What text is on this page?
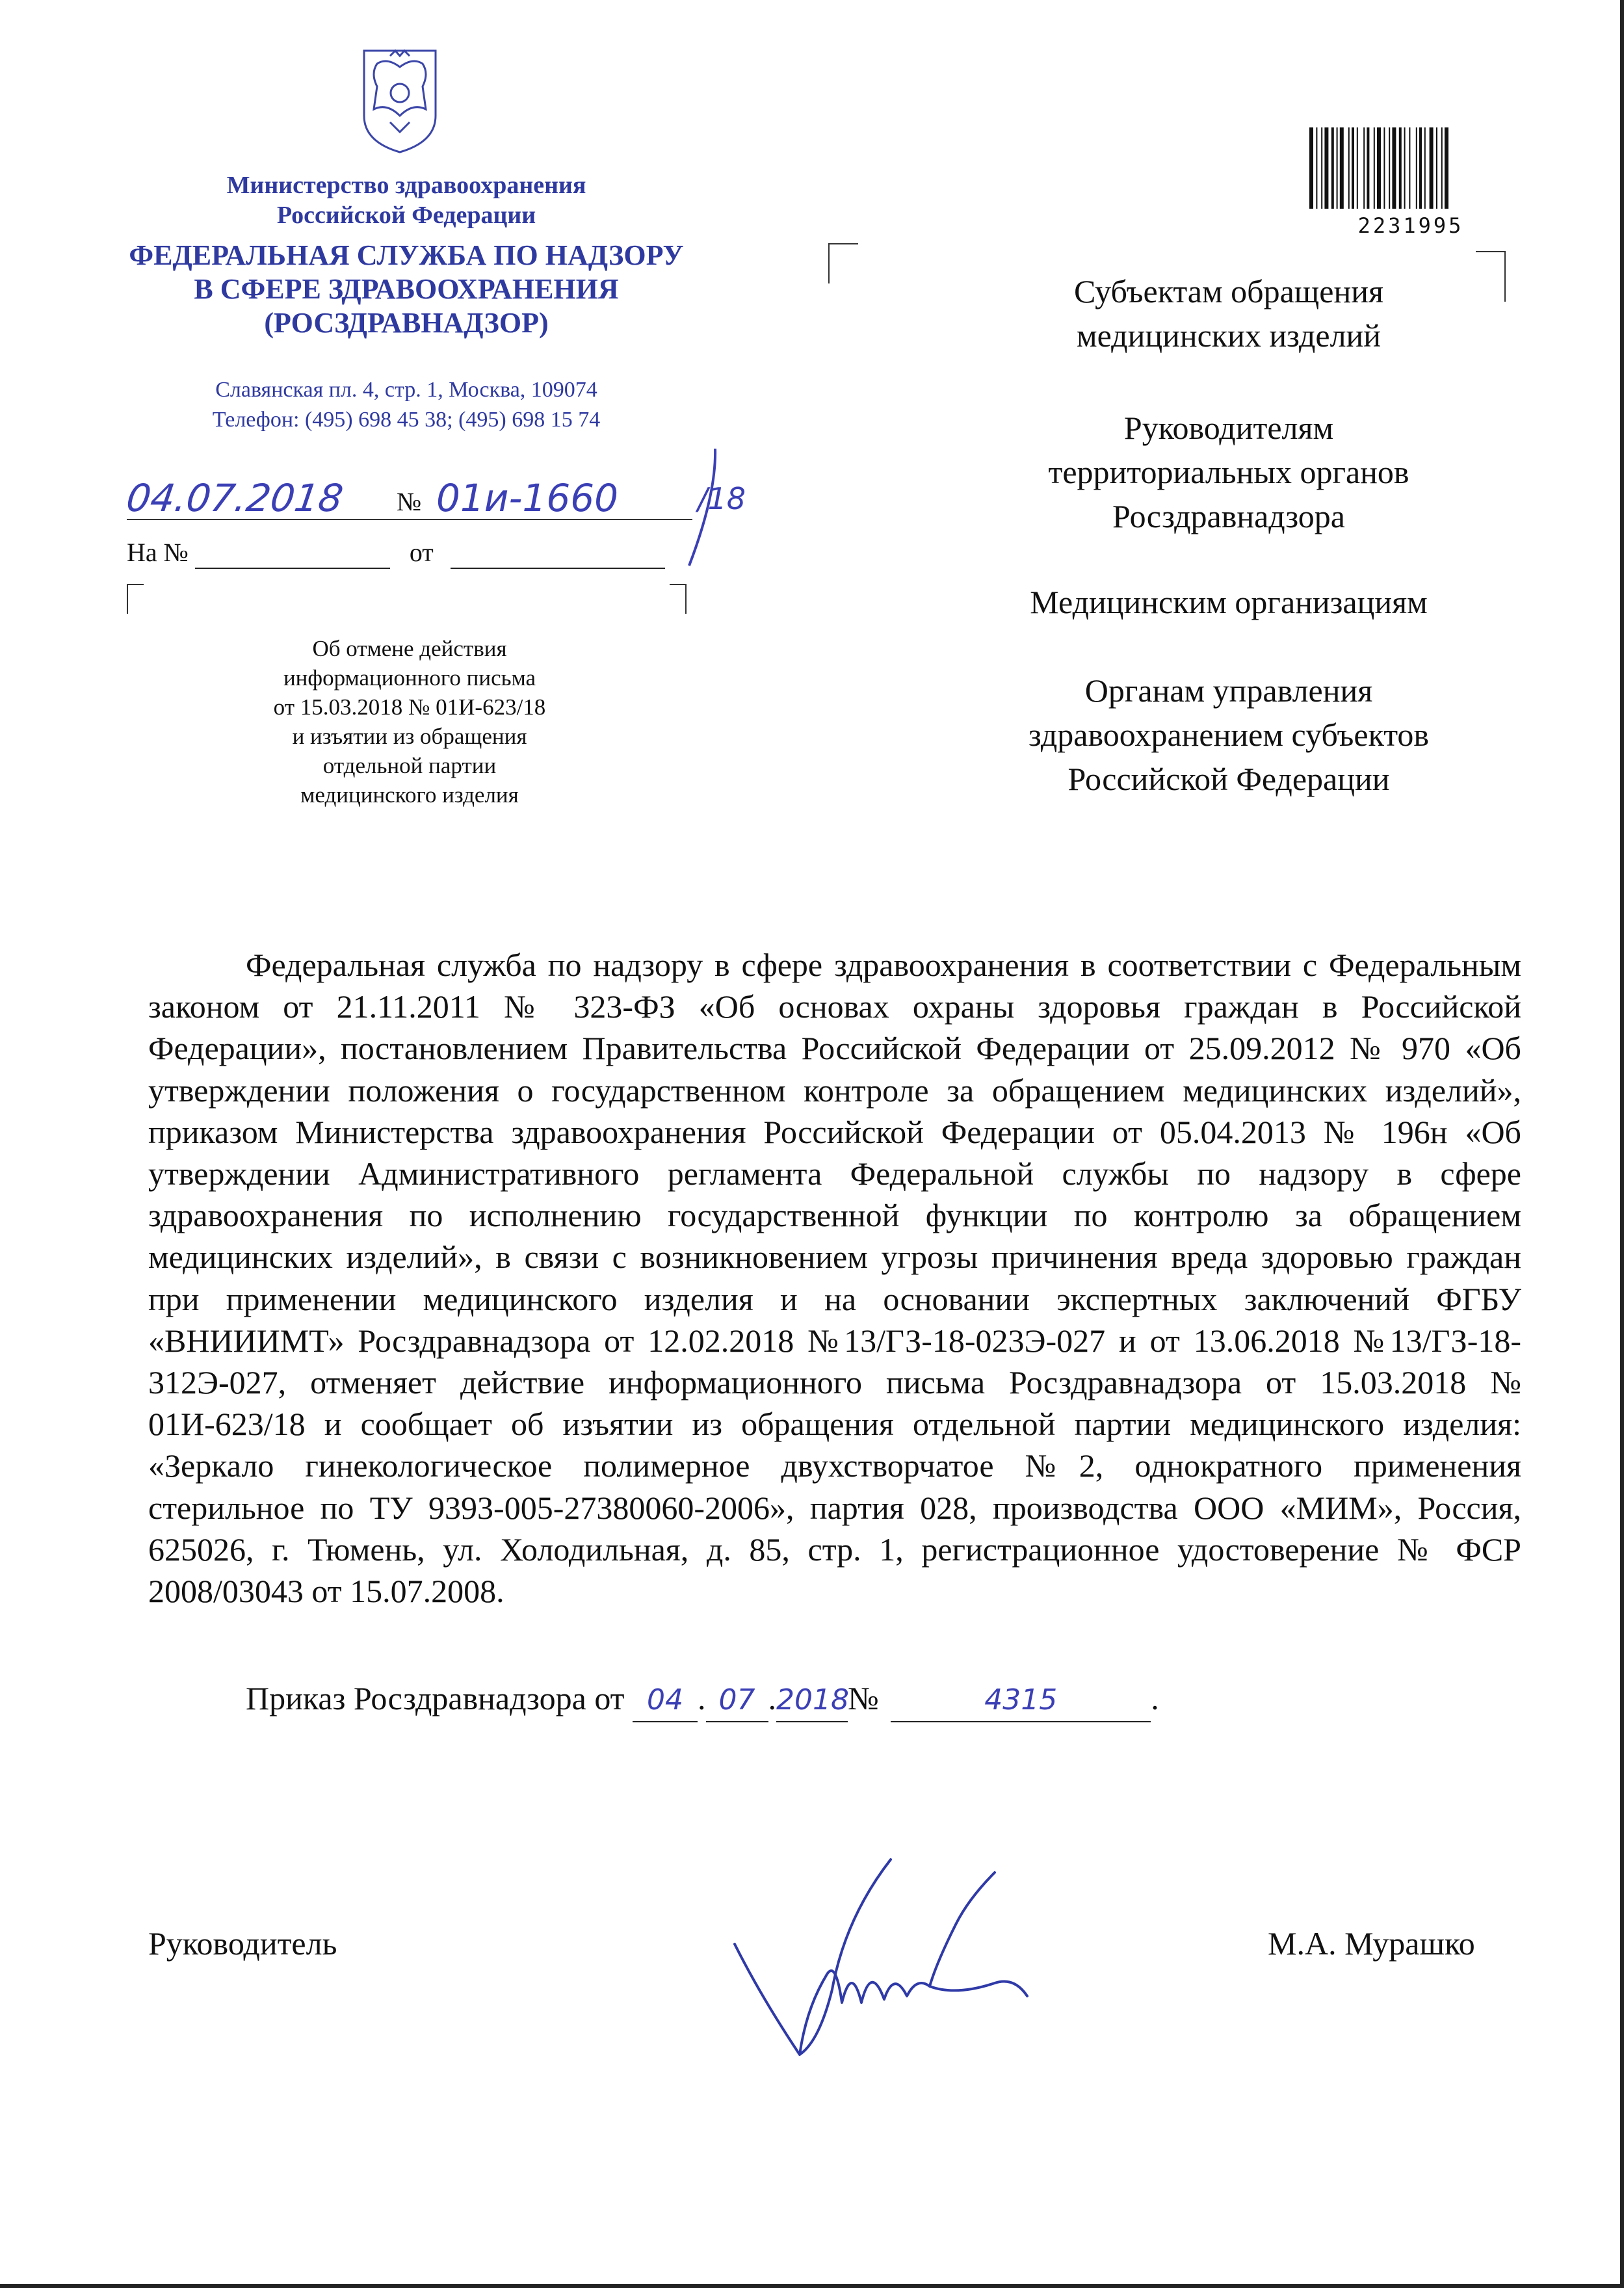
Министерство здравоохранения
Российской Федерации
ФЕДЕРАЛЬНАЯ СЛУЖБА ПО НАДЗОРУ
В СФЕРЕ ЗДРАВООХРАНЕНИЯ
(РОСЗДРАВНАДЗОР)
Славянская пл. 4, стр. 1, Москва, 109074
Телефон: (495) 698 45 38; (495) 698 15 74
04.07.2018 № 01и-1660	/18
На №	от
Об отмене действия
информационного письма
от 15.03.2018 № 01И-623/18
и изъятии из обращения
отдельной партии
медицинского изделия
2231995
Субъектам обращения
медицинских изделий
Руководителям
территориальных органов
Росздравнадзора
Медицинским организациям
Органам управления
здравоохранением субъектов
Российской Федерации

Федеральная служба по надзору в сфере здравоохранения в соответствии с Федеральным законом от 21.11.2011 № 323-ФЗ «Об основах охраны здоровья граждан в Российской Федерации», постановлением Правительства Российской Федерации от 25.09.2012 № 970 «Об утверждении положения о государственном контроле за обращением медицинских изделий», приказом Министерства здравоохранения Российской Федерации от 05.04.2013 № 196н «Об утверждении Административного регламента Федеральной службы по надзору в сфере здравоохранения по исполнению государственной функции по контролю за обращением медицинских изделий», в связи с возникновением угрозы причинения вреда здоровью граждан при применении медицинского изделия и на основании экспертных заключений ФГБУ «ВНИИИМТ» Росздравнадзора от 12.02.2018 №13/ГЗ-18-023Э-027 и от 13.06.2018 №13/ГЗ-18-312Э-027, отменяет действие информационного письма Росздравнадзора от 15.03.2018 № 01И-623/18 и сообщает об изъятии из обращения отдельной партии медицинского изделия: «Зеркало гинекологическое полимерное двухстворчатое №2, однократного применения стерильное по ТУ 9393-005-27380060-2006», партия 028, производства ООО «МИМ», Россия, 625026, г. Тюмень, ул. Холодильная, д. 85, стр. 1, регистрационное удостоверение № ФСР 2008/03043 от 15.07.2008.

Приказ Росздравнадзора от 04 . 07 .2018№	4315	.
Руководитель	М.А. Мурашко
